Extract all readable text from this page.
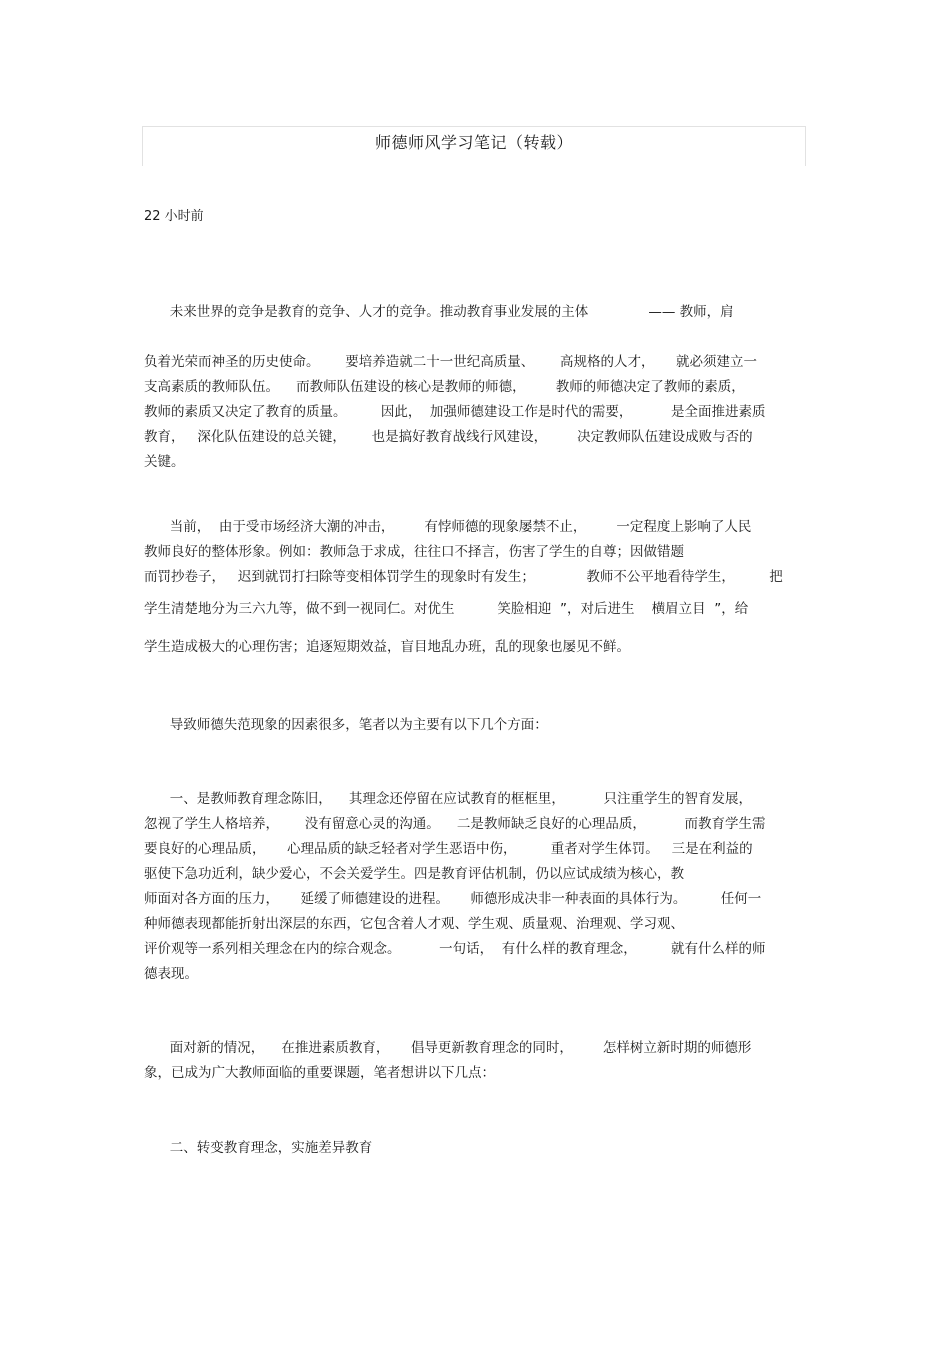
师德师风学习笔记（转载）
22 小时前
未来世界的竞争是教育的竞争、人才的竞争。推动教育事业发展的主体              —— 教师，肩
负着光荣而神圣的历史使命。      要培养造就二十一世纪高质量、      高规格的人才，     就必须建立一
支高素质的教师队伍。    而教师队伍建设的核心是教师的师德，       教师的师德决定了教师的素质，
教师的素质又决定了教育的质量。        因此，  加强师德建设工作是时代的需要，         是全面推进素质
教育，   深化队伍建设的总关键，      也是搞好教育战线行风建设，       决定教师队伍建设成败与否的
关键。
当前，  由于受市场经济大潮的冲击，       有悖师德的现象屡禁不止，       一定程度上影响了人民
教师良好的整体形象。例如：教师急于求成，往往口不择言，伤害了学生的自尊；因做错题
而罚抄卷子，   迟到就罚打扫除等变相体罚学生的现象时有发生；            教师不公平地看待学生，        把
学生清楚地分为三六九等，做不到一视同仁。对优生          笑脸相迎  ”，对后进生    横眉立目  ”，给
学生造成极大的心理伤害；追逐短期效益，盲目地乱办班，乱的现象也屡见不鲜。
导致师德失范现象的因素很多，笔者以为主要有以下几个方面：
一、是教师教育理念陈旧，    其理念还停留在应试教育的框框里，         只注重学生的智育发展，
忽视了学生人格培养，      没有留意心灵的沟通。    二是教师缺乏良好的心理品质，         而教育学生需
要良好的心理品质，     心理品质的缺乏轻者对学生恶语中伤，        重者对学生体罚。   三是在利益的
驱使下急功近利，缺少爱心，不会关爱学生。四是教育评估机制，仍以应试成绩为核心，教
师面对各方面的压力，     延缓了师德建设的进程。     师德形成决非一种表面的具体行为。        任何一
种师德表现都能折射出深层的东西，它包含着人才观、学生观、质量观、治理观、学习观、
评价观等一系列相关理念在内的综合观念。         一句话，  有什么样的教育理念，        就有什么样的师
德表现。
面对新的情况，    在推进素质教育，     倡导更新教育理念的同时，       怎样树立新时期的师德形
象，已成为广大教师面临的重要课题，笔者想讲以下几点：
二、转变教育理念，实施差异教育
